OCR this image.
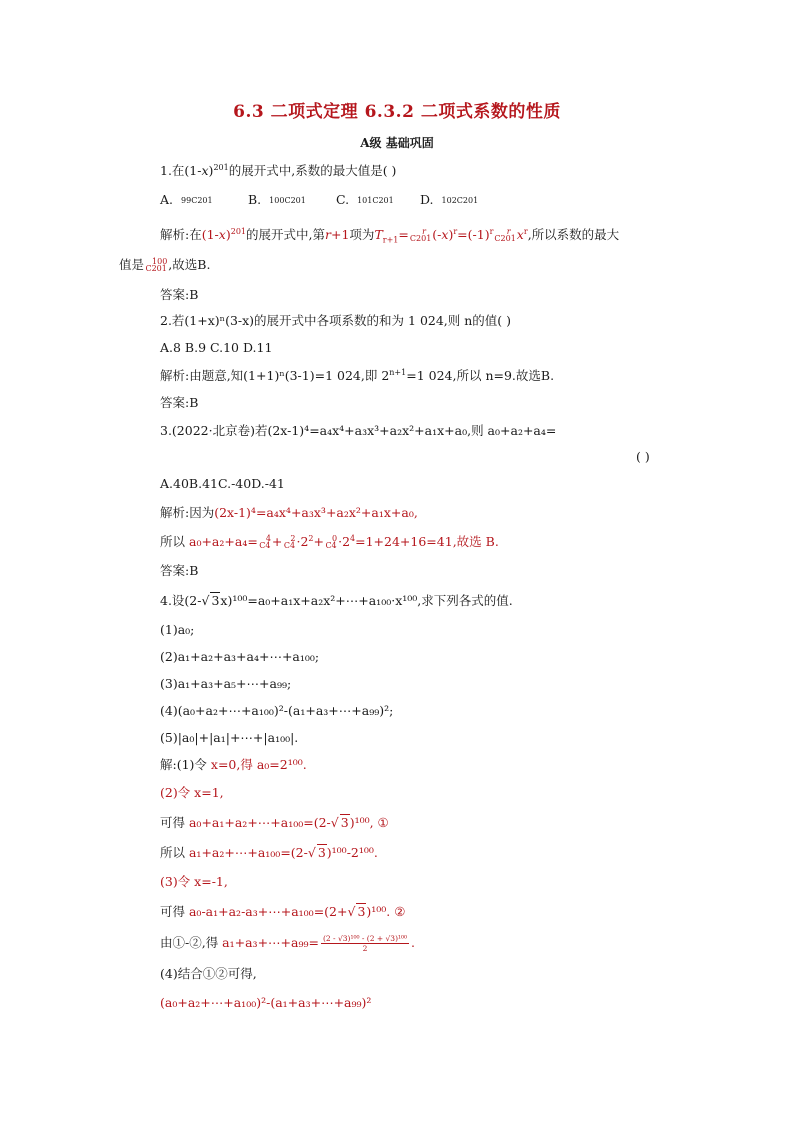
6.3 二项式定理 6.3.2 二项式系数的性质
A级 基础巩固
1.在$(1-x)^{201}$的展开式中,系数的最大值是( )
A. 99C201	B. 100C201 C. 101C201 D. 102C201
解析:在$(1-x)^{201}$的展开式中,第r+1项为$T_{r+1}=$	r
C201 $(-x)^r=(-1)^r$	r
C201 $x^r$,所以系数的最大
值是	100
C201 ,故选B.
答案:B
2.若(1+x)ⁿ(3-x)的展开式中各项系数的和为 1 024,则 n的值( )
A.8 B.9 C.10 D.11
解析:由题意,知(1+1)ⁿ(3-1)=1 024,即 $2^{n+1}=1$ 024,所以 n=9.故选B.
答案:B
3.(2022·北京卷)若(2x-1)⁴=a₄x⁴+a₃x³+a₂x²+a₁x+a₀,则 a₀+a₂+a₄=
( )
A.40B.41C.-40D.-41
解析:因为(2x-1)⁴=a₄x⁴+a₃x³+a₂x²+a₁x+a₀,
所以 a₀+a₂+a₄=	4
C4 +	2
$C4 \cdot 2^2+$	0
$C4 \cdot 2^4=1+24+16=41$,故选 B.
答案:B
4.设(2-√ 3x)¹⁰⁰=a₀+a₁x+a₂x²+⋯+a₁₀₀·x¹⁰⁰,求下列各式的值.
(1)a₀;
(2)a₁+a₂+a₃+a₄+⋯+a₁₀₀;
(3)a₁+a₃+a₅+⋯+a₉₉;
(4)(a₀+a₂+⋯+a₁₀₀)²-(a₁+a₃+⋯+a₉₉)²;
(5)|a₀|+|a₁|+⋯+|a₁₀₀|.
解:(1)令 x=0,得 a₀=2¹⁰⁰.
(2)令 x=1,
可得 a₀+a₁+a₂+⋯+a₁₀₀=(2-√ 3)¹⁰⁰, ①
所以 a₁+a₂+⋯+a₁₀₀=(2-√ 3)¹⁰⁰-2¹⁰⁰.
(3)令 x=-1,
可得 a₀-a₁+a₂-a₃+⋯+a₁₀₀=(2+√ 3)¹⁰⁰. ②
由①-②,得 a₁+a₃+⋯+a₉₉= $\frac{\text{(2 - √3)¹⁰⁰ - (2 + √3)¹⁰⁰}}{2}$ .
(4)结合①②可得,
(a₀+a₂+⋯+a₁₀₀)²-(a₁+a₃+⋯+a₉₉)²
